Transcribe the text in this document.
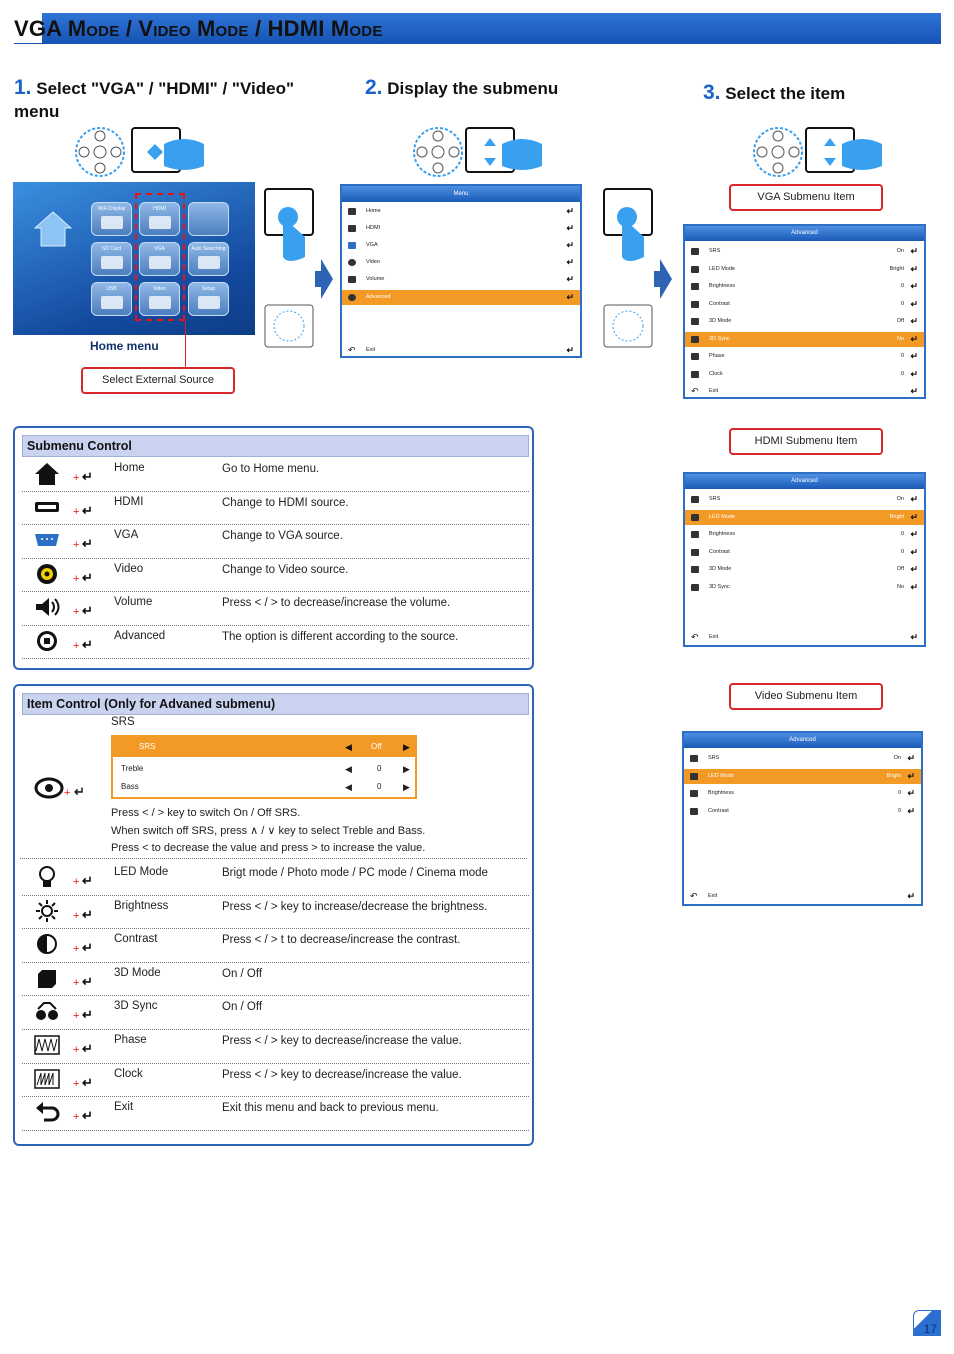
VGA Mode / Video Mode / HDMI Mode
1. Select "VGA" / "HDMI" / "Video" menu
2. Display the submenu	3. Select the item
WiFi Display	HDMI
SD Card	VGA	Auto Searching
USB	Video	Setup
Home menu
Select External Source
Menu
Home	↵
HDMI	↵
VGA	↵
Video	↵
Volume	↵
Advanced	↵
↶ Exit	↵
VGA Submenu Item
Advanced
SRS	On ↵
LED Mode	Bright ↵
Brightness	0 ↵
Contrast	0 ↵
3D Mode	Off ↵
3D Sync	No ↵
Phase	0 ↵
Clock	0 ↵
↶ Exit	↵
HDMI Submenu Item
Advanced
SRS	On ↵
LED Mode	Bright ↵
Brightness	0 ↵
Contrast	0 ↵
3D Mode	Off ↵
3D Sync	No ↵
↶ Exit	↵
Video Submenu Item
Advanced
SRS	On ↵
LED Mode	Bright ↵
Brightness	0 ↵
Contrast	0 ↵
↶ Exit	↵
Submenu Control
+ ↵
Home	Go to Home menu.
+ ↵
HDMI	Change to HDMI source.
+ ↵
VGA	Change to VGA source.
+ ↵
Video	Change to Video source.
+ ↵
Volume	Press < / > to decrease/increase the volume.
+ ↵
Advanced	The option is different according to the source.
Item Control (Only for Advaned submenu)
+ ↵
LED Mode	Brigt mode / Photo mode / PC mode / Cinema mode
+ ↵
Brightness	Press < / > key to increase/decrease the brightness.
+ ↵
Contrast	Press < / > t to decrease/increase the contrast.
+ ↵
3D Mode	On / Off
+ ↵
3D Sync	On / Off
+ ↵
Phase	Press < / > key to decrease/increase the value.
+ ↵
Clock	Press < / > key to decrease/increase the value.
+ ↵
Exit	Exit this menu and back to previous menu.
SRS
+ ↵
SRS	◀ Off ▶
Treble	◀	0 ▶
Bass	◀	0 ▶
Press < / > key to switch On / Off SRS.
When switch off SRS, press ∧ / ∨ key to select Treble and Bass.
Press < to decrease the value and press > to increase the value.
17
